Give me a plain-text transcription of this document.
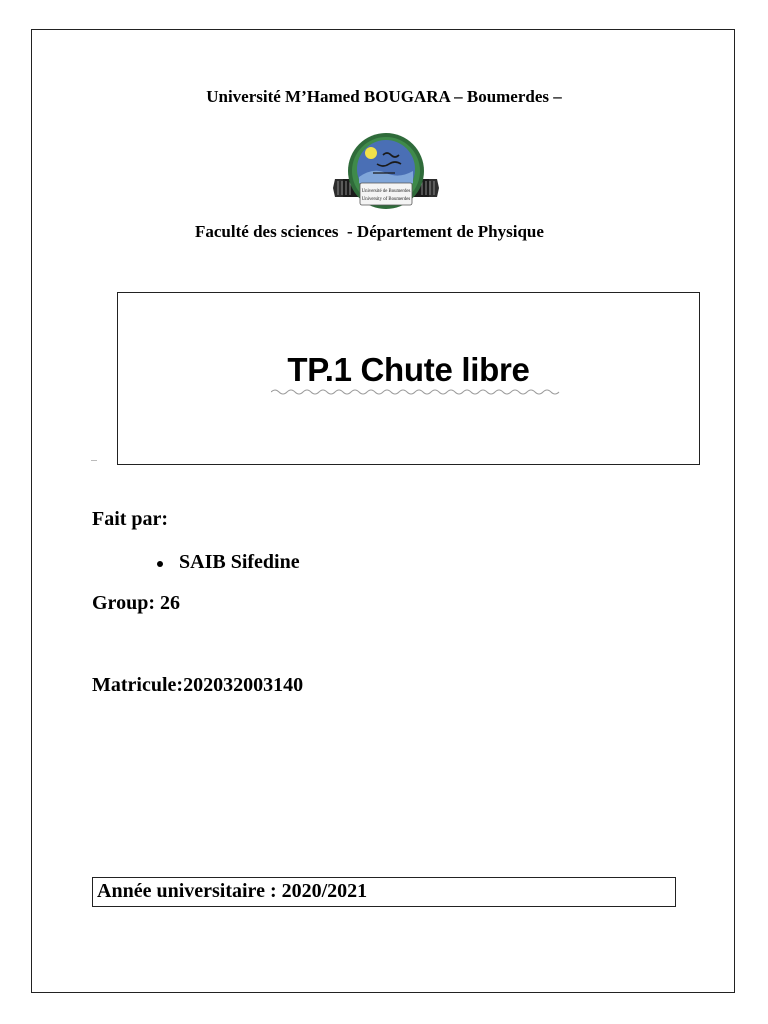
Université M’Hamed BOUGARA – Boumerdes –
Université de Boumerdes
University of Boumerdes
Faculté des sciences  - Département de Physique
TP.1 Chute libre
Fait par:
SAIB Sifedine
Group: 26
Matricule:202032003140
Année universitaire : 2020/2021
